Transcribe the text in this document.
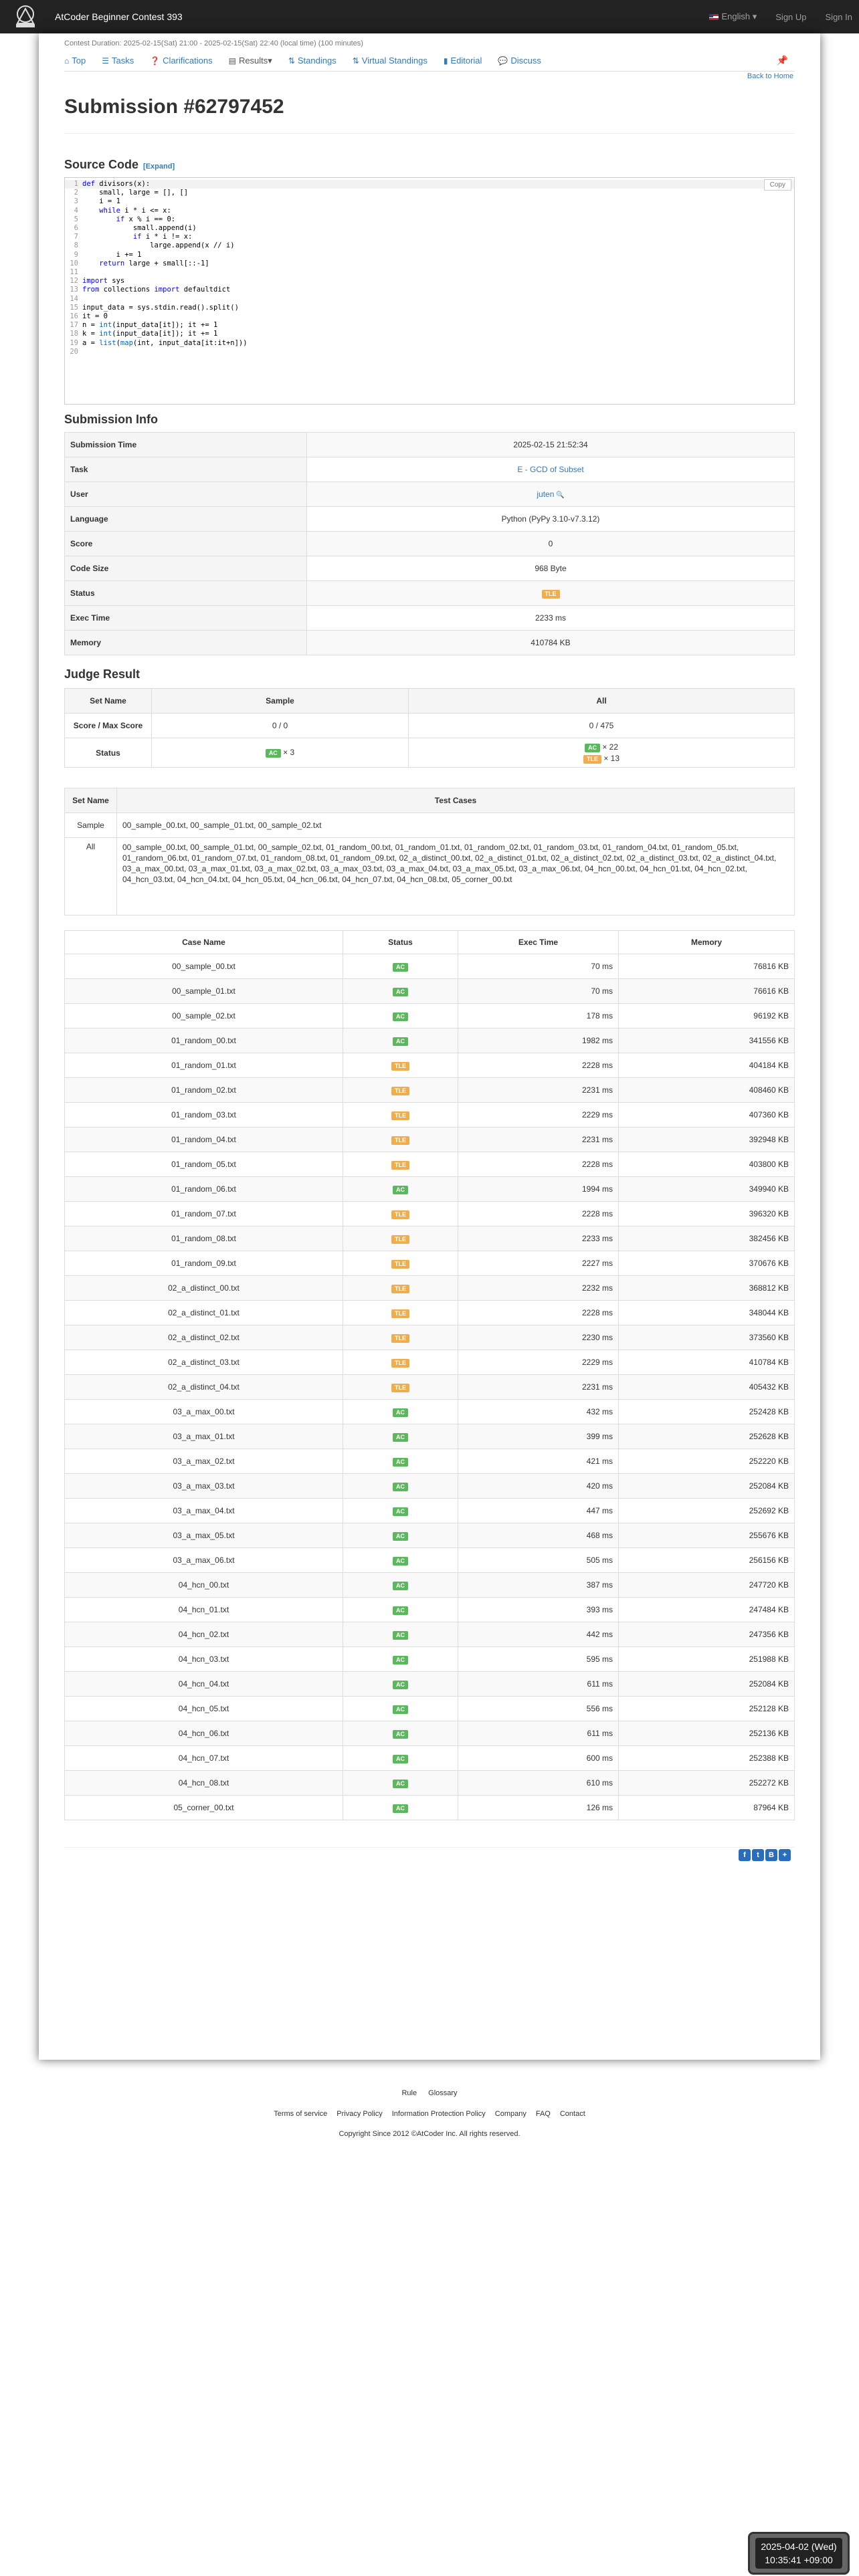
AtCoder Beginner Contest 393	English ▾ Sign Up Sign In
Back to Home
Contest Duration: 2025-02-15(Sat) 21:00 - 2025-02-15(Sat) 22:40 (local time) (100 minutes)
⌂ Top ☰ Tasks ❓ Clarifications ▤ Results ▾ ⇅ Standings ⇅ Virtual Standings ▮ Editorial 💬 Discuss	📌
Submission #62797452
Source Code [Expand]
Copy
1 def divisors(x):
2 small, large = [], []
3 i = 1
4	while i * i <= x:
5	if x % i == 0:
6 small.append(i)
7	if i * i != x:
8 large.append(x // i)
9 i += 1
10	return large + small[::-1]
11
12 import sys
13 from collections import defaultdict
14
15 input_data = sys.stdin.read().split()
16 it = 0
17 n = int(input_data[it]); it += 1
18 k = int(input_data[it]); it += 1
19 a = list(map(int, input_data[it:it+n]))
20
Submission Info
Submission Time	2025-02-15 21:52:34
Task	E - GCD of Subset
User	juten 🔍
Language	Python (PyPy 3.10-v7.3.12)
Score	0
Code Size	968 Byte
Status	TLE
Exec Time	2233 ms
Memory	410784 KB
Judge Result
Set Name	Sample	All
Score / Max Score	0 / 0	0 / 475
Status	AC × 3	AC × 22
TLE × 13
Set Name	Test Cases
Sample	00_sample_00.txt, 00_sample_01.txt, 00_sample_02.txt
All	00_sample_00.txt, 00_sample_01.txt, 00_sample_02.txt, 01_random_00.txt, 01_random_01.txt, 01_random_02.txt, 01_random_03.txt, 01_random_04.txt, 01_random_05.txt, 01_random_06.txt, 01_random_07.txt, 01_random_08.txt, 01_random_09.txt, 02_a_distinct_00.txt, 02_a_distinct_01.txt, 02_a_distinct_02.txt, 02_a_distinct_03.txt, 02_a_distinct_04.txt, 03_a_max_00.txt, 03_a_max_01.txt, 03_a_max_02.txt, 03_a_max_03.txt, 03_a_max_04.txt, 03_a_max_05.txt, 03_a_max_06.txt, 04_hcn_00.txt, 04_hcn_01.txt, 04_hcn_02.txt, 04_hcn_03.txt, 04_hcn_04.txt, 04_hcn_05.txt, 04_hcn_06.txt, 04_hcn_07.txt, 04_hcn_08.txt, 05_corner_00.txt
Case Name	Status	Exec Time	Memory
00_sample_00.txt	AC	70 ms	76816 KB
00_sample_01.txt	AC	70 ms	76616 KB
00_sample_02.txt	AC	178 ms	96192 KB
01_random_00.txt	AC	1982 ms	341556 KB
01_random_01.txt	TLE	2228 ms	404184 KB
01_random_02.txt	TLE	2231 ms	408460 KB
01_random_03.txt	TLE	2229 ms	407360 KB
01_random_04.txt	TLE	2231 ms	392948 KB
01_random_05.txt	TLE	2228 ms	403800 KB
01_random_06.txt	AC	1994 ms	349940 KB
01_random_07.txt	TLE	2228 ms	396320 KB
01_random_08.txt	TLE	2233 ms	382456 KB
01_random_09.txt	TLE	2227 ms	370676 KB
02_a_distinct_00.txt	TLE	2232 ms	368812 KB
02_a_distinct_01.txt	TLE	2228 ms	348044 KB
02_a_distinct_02.txt	TLE	2230 ms	373560 KB
02_a_distinct_03.txt	TLE	2229 ms	410784 KB
02_a_distinct_04.txt	TLE	2231 ms	405432 KB
03_a_max_00.txt	AC	432 ms	252428 KB
03_a_max_01.txt	AC	399 ms	252628 KB
03_a_max_02.txt	AC	421 ms	252220 KB
03_a_max_03.txt	AC	420 ms	252084 KB
03_a_max_04.txt	AC	447 ms	252692 KB
03_a_max_05.txt	AC	468 ms	255676 KB
03_a_max_06.txt	AC	505 ms	256156 KB
04_hcn_00.txt	AC	387 ms	247720 KB
04_hcn_01.txt	AC	393 ms	247484 KB
04_hcn_02.txt	AC	442 ms	247356 KB
04_hcn_03.txt	AC	595 ms	251988 KB
04_hcn_04.txt	AC	611 ms	252084 KB
04_hcn_05.txt	AC	556 ms	252128 KB
04_hcn_06.txt	AC	611 ms	252136 KB
04_hcn_07.txt	AC	600 ms	252388 KB
04_hcn_08.txt	AC	610 ms	252272 KB
05_corner_00.txt	AC	126 ms	87964 KB
f	t	B	+
Rule Glossary
Terms of service Privacy Policy Information Protection Policy Company FAQ Contact
Copyright Since 2012 ©AtCoder Inc. All rights reserved.
2025-04-02 (Wed)
10:35:41 +09:00
